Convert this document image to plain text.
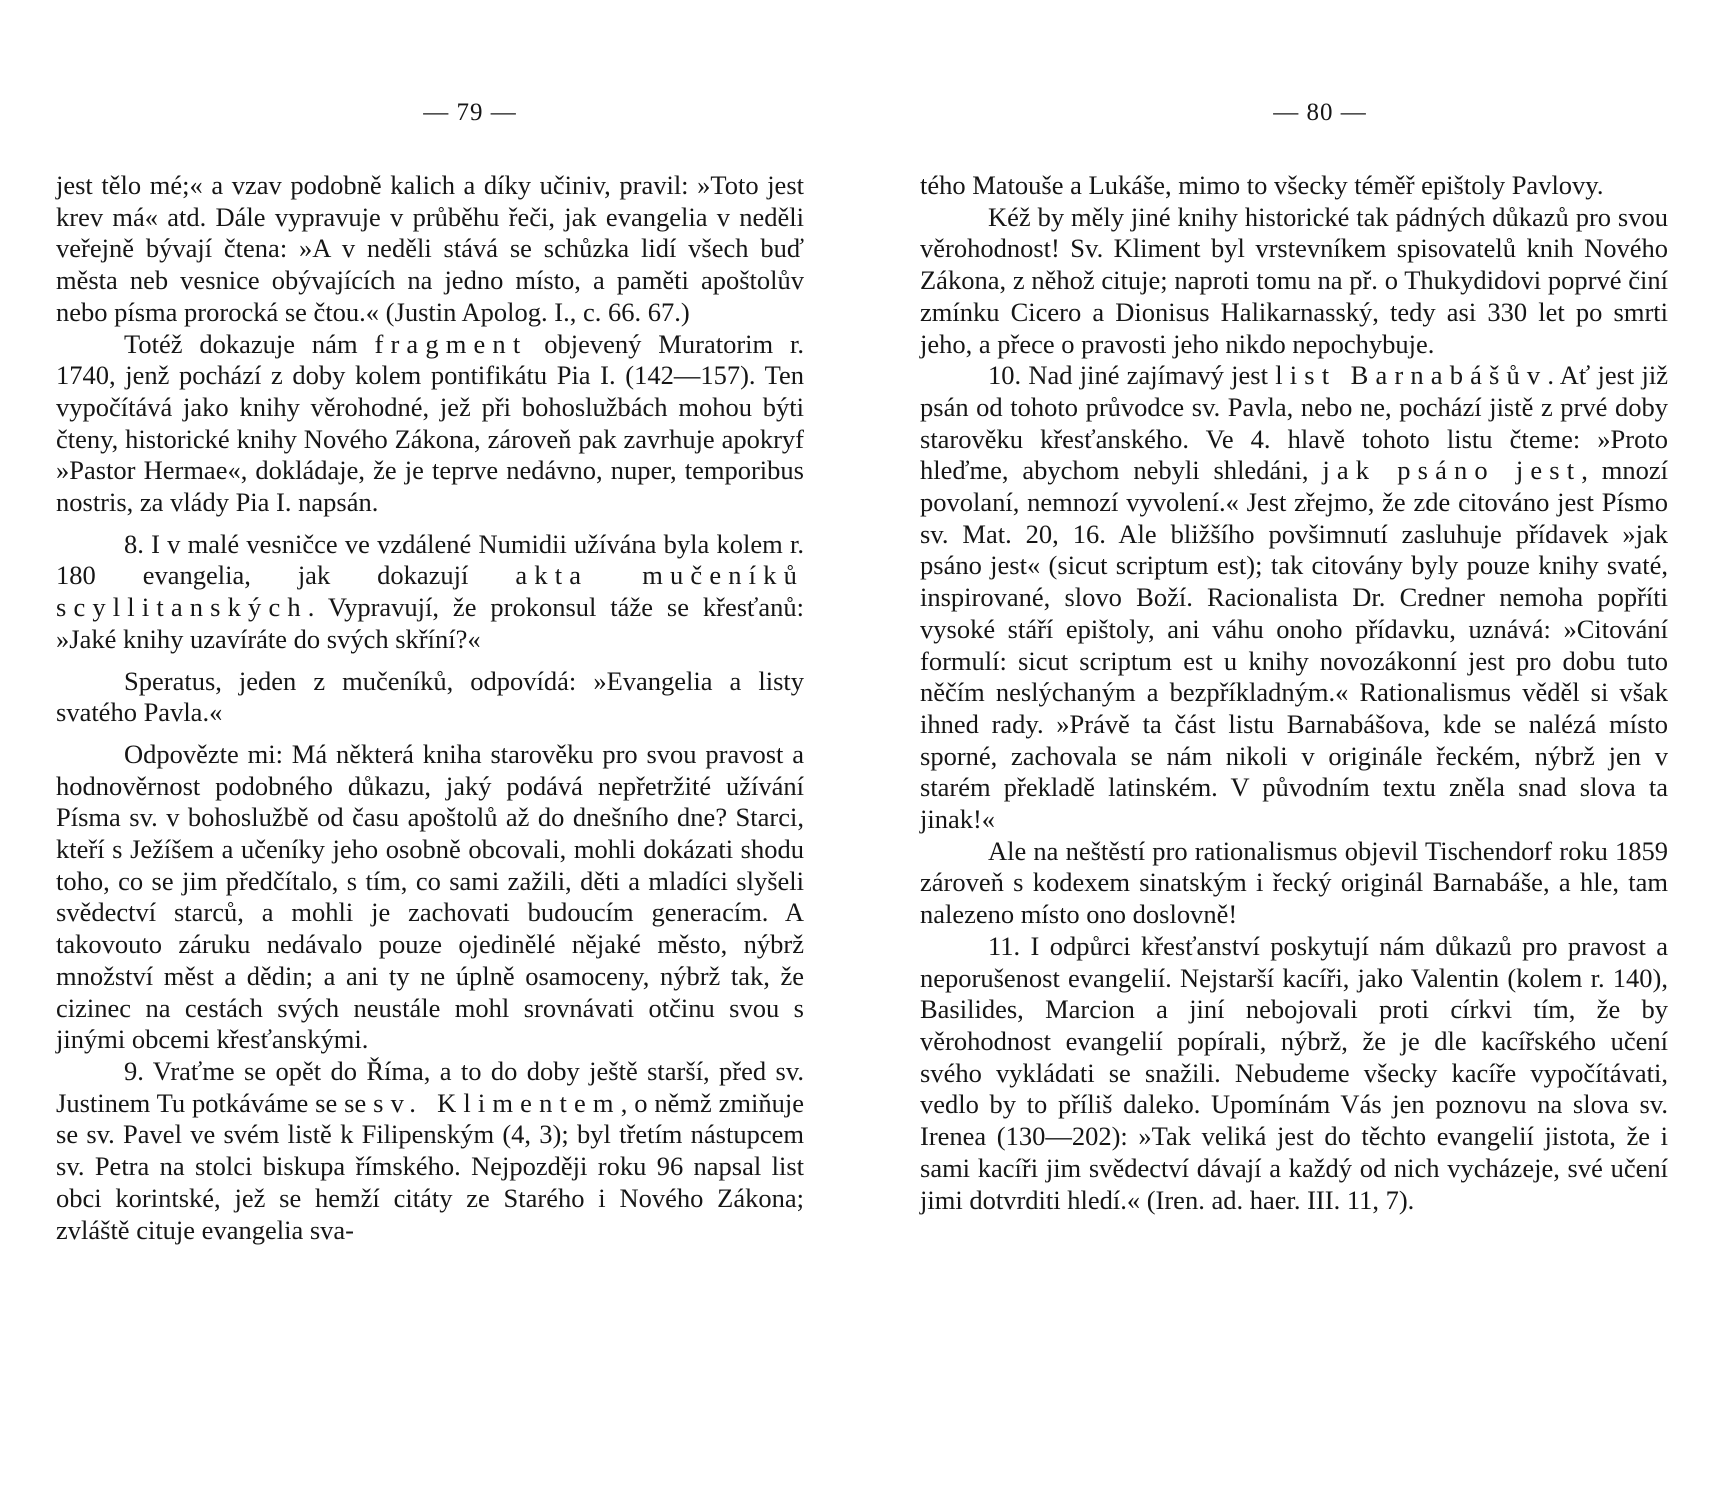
— 79 —	— 80 —

jest tělo mé;« a vzav podobně kalich a díky učiniv, pravil: »Toto jest krev má« atd. Dále vypravuje v průběhu řeči, jak evangelia v neděli veřejně bývají čtena: »A v neděli stává se schůzka lidí všech buď města neb vesnice obývajících na jedno místo, a paměti apoštolův nebo písma prorocká se čtou.« (Justin Apolog. I., c. 66. 67.)

Totéž dokazuje nám fragment objevený Muratorim r. 1740, jenž pochází z doby kolem pontifikátu Pia I. (142—157). Ten vypočítává jako knihy věrohodné, jež při bohoslužbách mohou býti čteny, historické knihy Nového Zákona, zároveň pak zavrhuje apokryf »Pastor Hermae«, dokládaje, že je teprve nedávno, nuper, temporibus nostris, za vlády Pia I. napsán.

8. I v malé vesničce ve vzdálené Numidii užívána byla kolem r. 180 evangelia, jak dokazují akta mučeníků scyllitanských. Vypravují, že prokonsul táže se křesťanů: »Jaké knihy uzavíráte do svých skříní?«

Speratus, jeden z mučeníků, odpovídá: »Evangelia a listy svatého Pavla.«

Odpovězte mi: Má některá kniha starověku pro svou pravost a hodnověrnost podobného důkazu, jaký podává nepřetržité užívání Písma sv. v bohoslužbě od času apoštolů až do dnešního dne? Starci, kteří s Ježíšem a učeníky jeho osobně obcovali, mohli dokázati shodu toho, co se jim předčítalo, s tím, co sami zažili, děti a mladíci slyšeli svědectví starců, a mohli je zachovati budoucím generacím. A takovouto záruku nedávalo pouze ojedinělé nějaké město, nýbrž množství měst a dědin; a ani ty ne úplně osamoceny, nýbrž tak, že cizinec na cestách svých neustále mohl srovnávati otčinu svou s jinými obcemi křesťanskými.

9. Vraťme se opět do Říma, a to do doby ještě starší, před sv. Justinem Tu potkáváme se se sv. Klimentem, o němž zmiňuje se sv. Pavel ve svém listě k Filipenským (4, 3); byl třetím nástupcem sv. Petra na stolci biskupa římského. Nejpozději roku 96 napsal list obci korintské, jež se hemží citáty ze Starého i Nového Zákona; zvláště cituje evangelia sva-

tého Matouše a Lukáše, mimo to všecky téměř epištoly Pavlovy.

Kéž by měly jiné knihy historické tak pádných důkazů pro svou věrohodnost! Sv. Kliment byl vrstevníkem spisovatelů knih Nového Zákona, z něhož cituje; naproti tomu na př. o Thukydidovi poprvé činí zmínku Cicero a Dionisus Halikarnasský, tedy asi 330 let po smrti jeho, a přece o pravosti jeho nikdo nepochybuje.

10. Nad jiné zajímavý jest list Barnabášův. Ať jest již psán od tohoto průvodce sv. Pavla, nebo ne, pochází jistě z prvé doby starověku křesťanského. Ve 4. hlavě tohoto listu čteme: »Proto hleďme, abychom nebyli shledáni, jak psáno jest, mnozí povolaní, nemnozí vyvolení.« Jest zřejmo, že zde citováno jest Písmo sv. Mat. 20, 16. Ale bližšího povšimnutí zasluhuje přídavek »jak psáno jest« (sicut scriptum est); tak citovány byly pouze knihy svaté, inspirované, slovo Boží. Racionalista Dr. Credner nemoha popříti vysoké stáří epištoly, ani váhu onoho přídavku, uznává: »Citování formulí: sicut scriptum est u knihy novozákonní jest pro dobu tuto něčím neslýchaným a bezpříkladným.« Rationalismus věděl si však ihned rady. »Právě ta část listu Barnabášova, kde se nalézá místo sporné, zachovala se nám nikoli v originále řeckém, nýbrž jen v starém překladě latinském. V původním textu zněla snad slova ta jinak!«

Ale na neštěstí pro rationalismus objevil Tischendorf roku 1859 zároveň s kodexem sinatským i řecký originál Barnabáše, a hle, tam nalezeno místo ono doslovně!

11. I odpůrci křesťanství poskytují nám důkazů pro pravost a neporušenost evangelií. Nejstarší kacíři, jako Valentin (kolem r. 140), Basilides, Marcion a jiní nebojovali proti církvi tím, že by věrohodnost evangelií popírali, nýbrž, že je dle kacířského učení svého vykládati se snažili. Nebudeme všecky kacíře vypočítávati, vedlo by to příliš daleko. Upomínám Vás jen poznovu na slova sv. Irenea (130—202): »Tak veliká jest do těchto evangelií jistota, že i sami kacíři jim svědectví dávají a každý od nich vycházeje, své učení jimi dotvrditi hledí.« (Iren. ad. haer. III. 11, 7).
